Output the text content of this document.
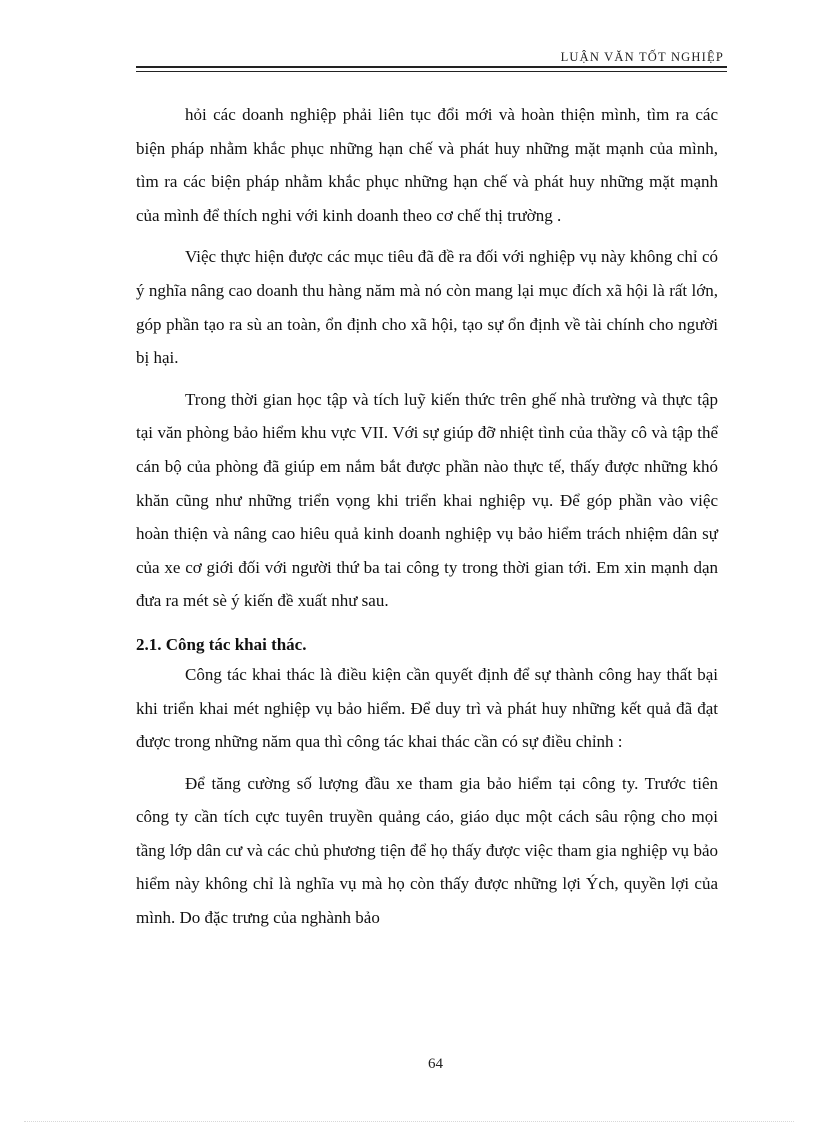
LUẬN VĂN TỐT NGHIỆP

hỏi các doanh nghiệp phải liên tục đổi mới và hoàn thiện mình, tìm ra các biện pháp nhằm khắc phục những hạn chế và phát huy những mặt mạnh của mình, tìm ra các biện pháp nhằm khắc phục những hạn chế và phát huy những mặt mạnh của mình để thích nghi với kinh doanh theo cơ chế thị trường .

Việc thực hiện được các mục tiêu đã đề ra đối với nghiệp vụ này không chỉ có ý nghĩa nâng cao doanh thu hàng năm mà nó còn mang lại mục đích xã hội là rất lớn, góp phần tạo ra sù an toàn, ổn định cho xã hội, tạo sự ổn định về tài chính cho người bị hại.

Trong thời gian học tập và tích luỹ kiến thức trên ghế nhà trường và thực tập tại văn phòng bảo hiểm khu vực VII. Với sự giúp đỡ nhiệt tình của thầy cô và tập thể cán bộ của phòng đã giúp em nắm bắt được phần nào thực tế, thấy được những khó khăn cũng như những triển vọng khi triển khai nghiệp vụ. Để góp phần vào việc hoàn thiện và nâng cao hiêu quả kinh doanh nghiệp vụ bảo hiểm trách nhiệm dân sự của xe cơ giới đối với người thứ ba tai công ty trong thời gian tới. Em xin mạnh dạn đưa ra mét sè ý kiến đề xuất như sau.

2.1. Công tác khai thác.

Công tác khai thác là điều kiện cần quyết định để sự thành công hay thất bại khi triển khai mét nghiệp vụ bảo hiểm. Để duy trì và phát huy những kết quả đã đạt được trong những năm qua thì công tác khai thác cần có sự điều chỉnh :

Để tăng cường số lượng đầu xe tham gia bảo hiểm tại công ty. Trước tiên công ty cần tích cực tuyên truyền quảng cáo, giáo dục một cách sâu rộng cho mọi tầng lớp dân cư và các chủ phương tiện để họ thấy được việc tham gia nghiệp vụ bảo hiểm này không chỉ là nghĩa vụ mà họ còn thấy được những lợi Ých, quyền lợi của mình. Do đặc trưng của nghành bảo

64
